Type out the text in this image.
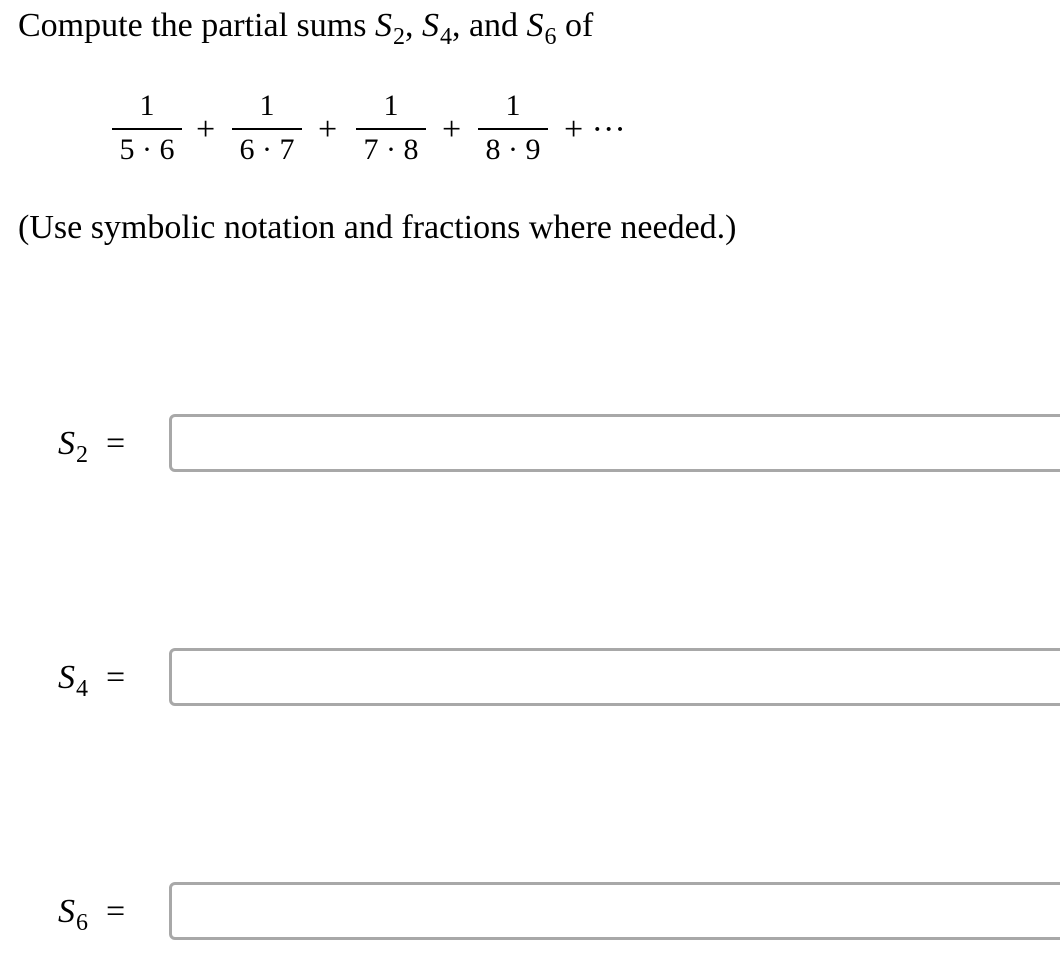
Compute the partial sums $S_2$, $S_4$, and $S_6$ of
1
5 · 6
+
1
6 · 7
+
1
7 · 8
+
1
8 · 9
+ ···
(Use symbolic notation and fractions where needed.)
$S_2$ =
$S_4$ =
$S_6$ =
